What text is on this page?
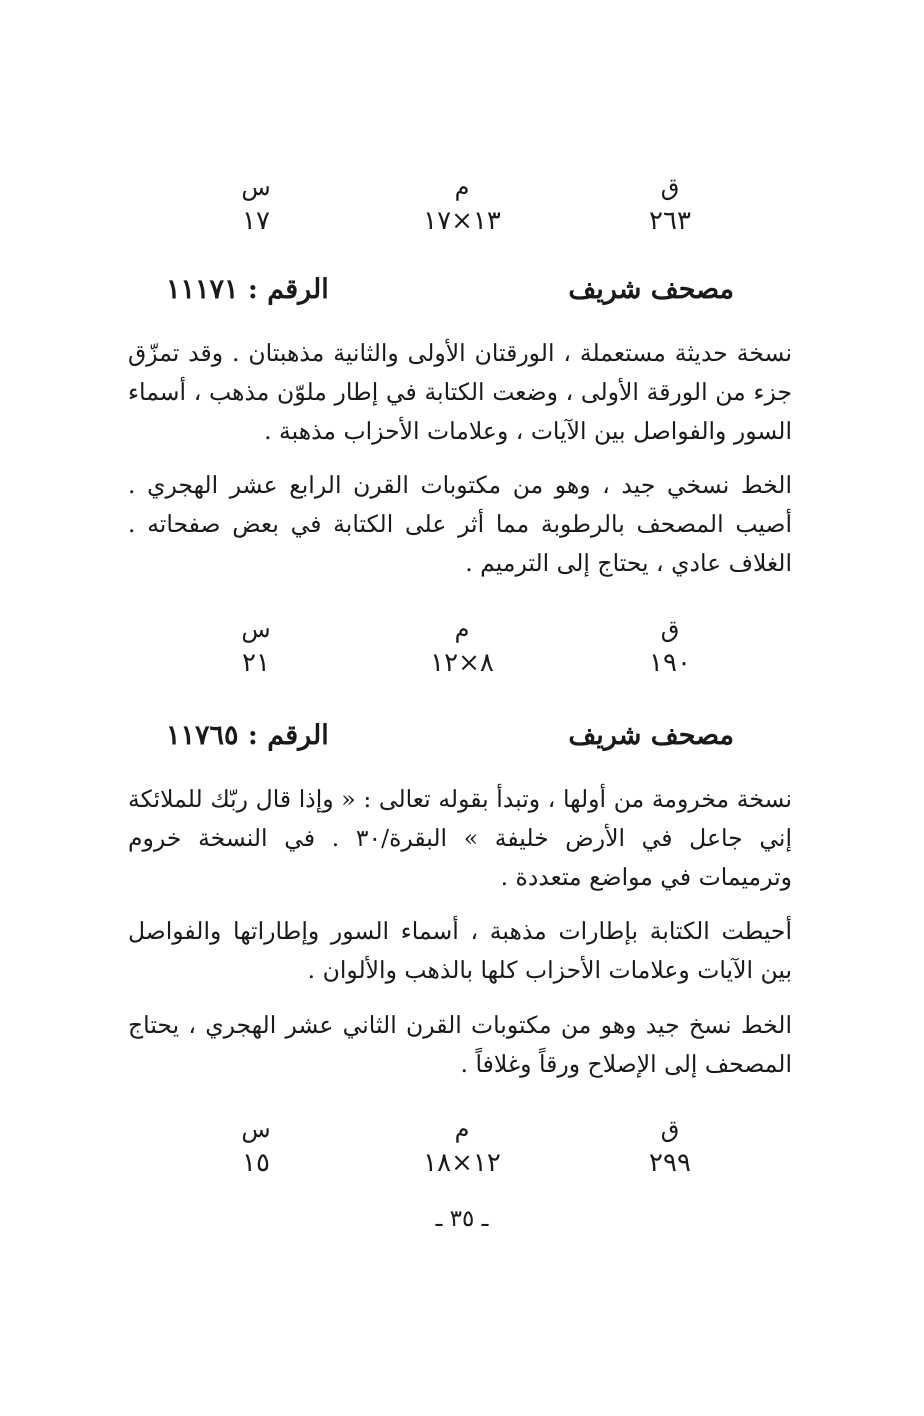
ق
٢٦٣
م
١٣×١٧
س
١٧
مصحف شريف
الرقم : ١١١٧١

نسخة حديثة مستعملة ، الورقتان الأولى والثانية مذهبتان . وقد تمزّق جزء من الورقة الأولى ، وضعت الكتابة في إطار ملوّن مذهب ، أسماء السور والفواصل بين الآيات ، وعلامات الأحزاب مذهبة .

الخط نسخي جيد ، وهو من مكتوبات القرن الرابع عشر الهجري . أصيب المصحف بالرطوبة مما أثر على الكتابة في بعض صفحاته . الغلاف عادي ، يحتاج إلى الترميم .

ق
١٩٠
م
٨×١٢
س
٢١
مصحف شريف
الرقم : ١١٧٦٥

نسخة مخرومة من أولها ، وتبدأ بقوله تعالى : « وإذا قال ربّك للملائكة إني جاعل في الأرض خليفة » البقرة/٣٠ . في النسخة خروم وترميمات في مواضع متعددة .

أحيطت الكتابة بإطارات مذهبة ، أسماء السور وإطاراتها والفواصل بين الآيات وعلامات الأحزاب كلها بالذهب والألوان .

الخط نسخ جيد وهو من مكتوبات القرن الثاني عشر الهجري ، يحتاج المصحف إلى الإصلاح ورقاً وغلافاً .

ق
٢٩٩
م
١٢×١٨
س
١٥
ـ ٣٥ ـ
